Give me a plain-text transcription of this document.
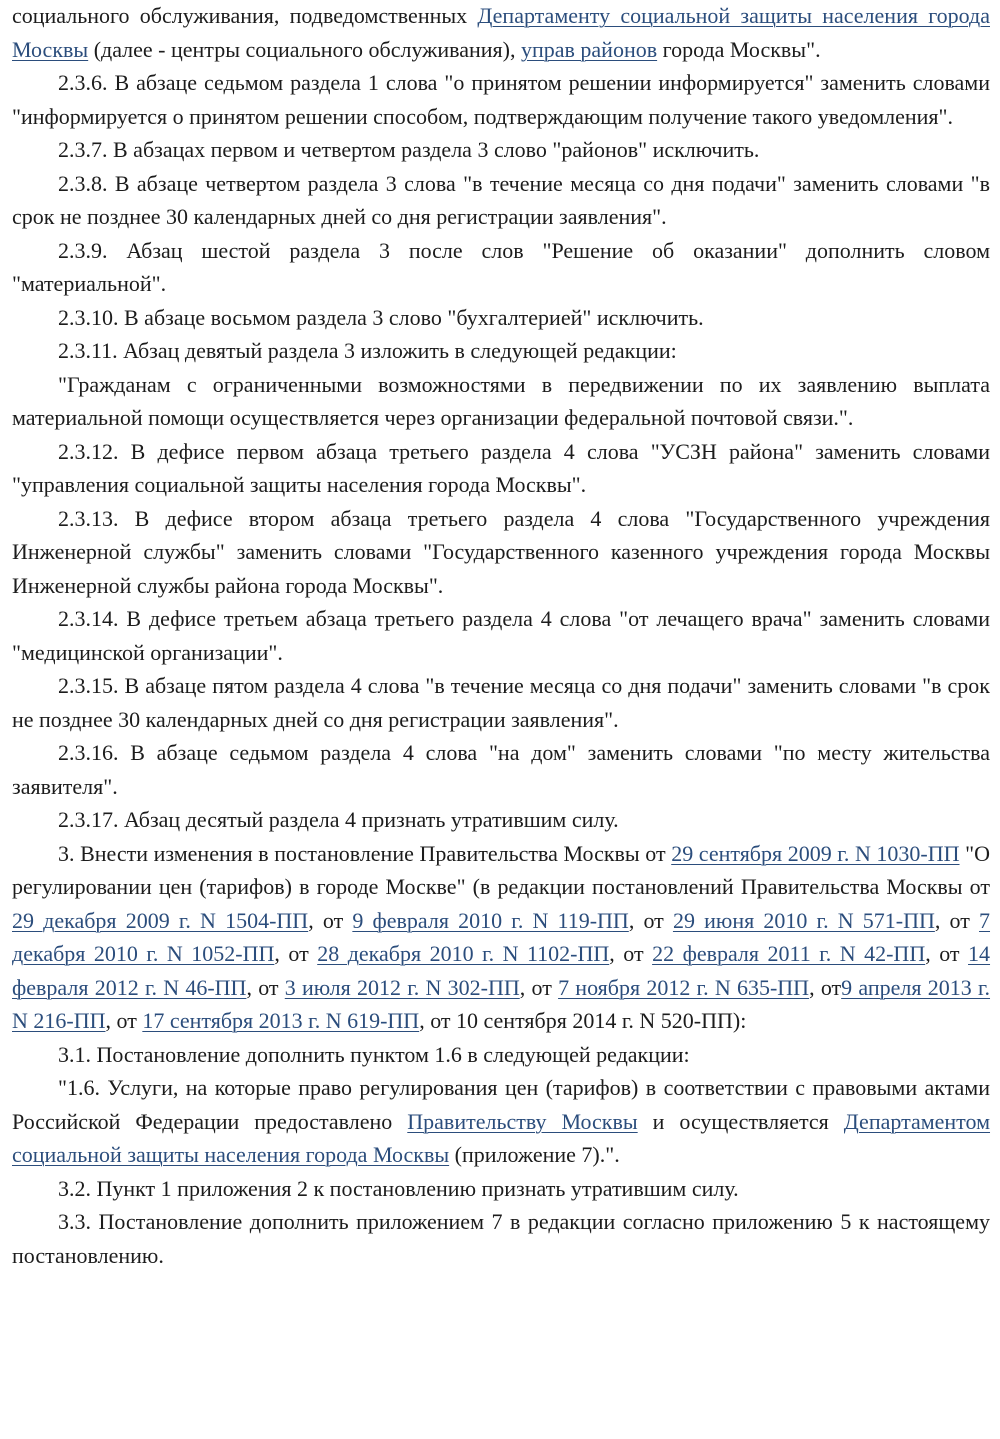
социального обслуживания, подведомственных Департаменту социальной защиты населения города Москвы (далее - центры социального обслуживания), управ районов города Москвы".

2.3.6. В абзаце седьмом раздела 1 слова "о принятом решении информируется" заменить словами "информируется о принятом решении способом, подтверждающим получение такого уведомления".

2.3.7. В абзацах первом и четвертом раздела 3 слово "районов" исключить.

2.3.8. В абзаце четвертом раздела 3 слова "в течение месяца со дня подачи" заменить словами "в срок не позднее 30 календарных дней со дня регистрации заявления".

2.3.9. Абзац шестой раздела 3 после слов "Решение об оказании" дополнить словом "материальной".

2.3.10. В абзаце восьмом раздела 3 слово "бухгалтерией" исключить.

2.3.11. Абзац девятый раздела 3 изложить в следующей редакции:

"Гражданам с ограниченными возможностями в передвижении по их заявлению выплата материальной помощи осуществляется через организации федеральной почтовой связи.".

2.3.12. В дефисе первом абзаца третьего раздела 4 слова "УСЗН района" заменить словами "управления социальной защиты населения города Москвы".

2.3.13. В дефисе втором абзаца третьего раздела 4 слова "Государственного учреждения Инженерной службы" заменить словами "Государственного казенного учреждения города Москвы Инженерной службы района города Москвы".

2.3.14. В дефисе третьем абзаца третьего раздела 4 слова "от лечащего врача" заменить словами "медицинской организации".

2.3.15. В абзаце пятом раздела 4 слова "в течение месяца со дня подачи" заменить словами "в срок не позднее 30 календарных дней со дня регистрации заявления".

2.3.16. В абзаце седьмом раздела 4 слова "на дом" заменить словами "по месту жительства заявителя".

2.3.17. Абзац десятый раздела 4 признать утратившим силу.

3. Внести изменения в постановление Правительства Москвы от 29 сентября 2009 г. N 1030-ПП "О регулировании цен (тарифов) в городе Москве" (в редакции постановлений Правительства Москвы от 29 декабря 2009 г. N 1504-ПП, от 9 февраля 2010 г. N 119-ПП, от 29 июня 2010 г. N 571-ПП, от 7 декабря 2010 г. N 1052-ПП, от 28 декабря 2010 г. N 1102-ПП, от 22 февраля 2011 г. N 42-ПП, от 14 февраля 2012 г. N 46-ПП, от 3 июля 2012 г. N 302-ПП, от 7 ноября 2012 г. N 635-ПП, от9 апреля 2013 г. N 216-ПП, от 17 сентября 2013 г. N 619-ПП, от 10 сентября 2014 г. N 520-ПП):

3.1. Постановление дополнить пунктом 1.6 в следующей редакции:

"1.6. Услуги, на которые право регулирования цен (тарифов) в соответствии с правовыми актами Российской Федерации предоставлено Правительству Москвы и осуществляется Департаментом социальной защиты населения города Москвы (приложение 7).".

3.2. Пункт 1 приложения 2 к постановлению признать утратившим силу.

3.3. Постановление дополнить приложением 7 в редакции согласно приложению 5 к настоящему постановлению.
